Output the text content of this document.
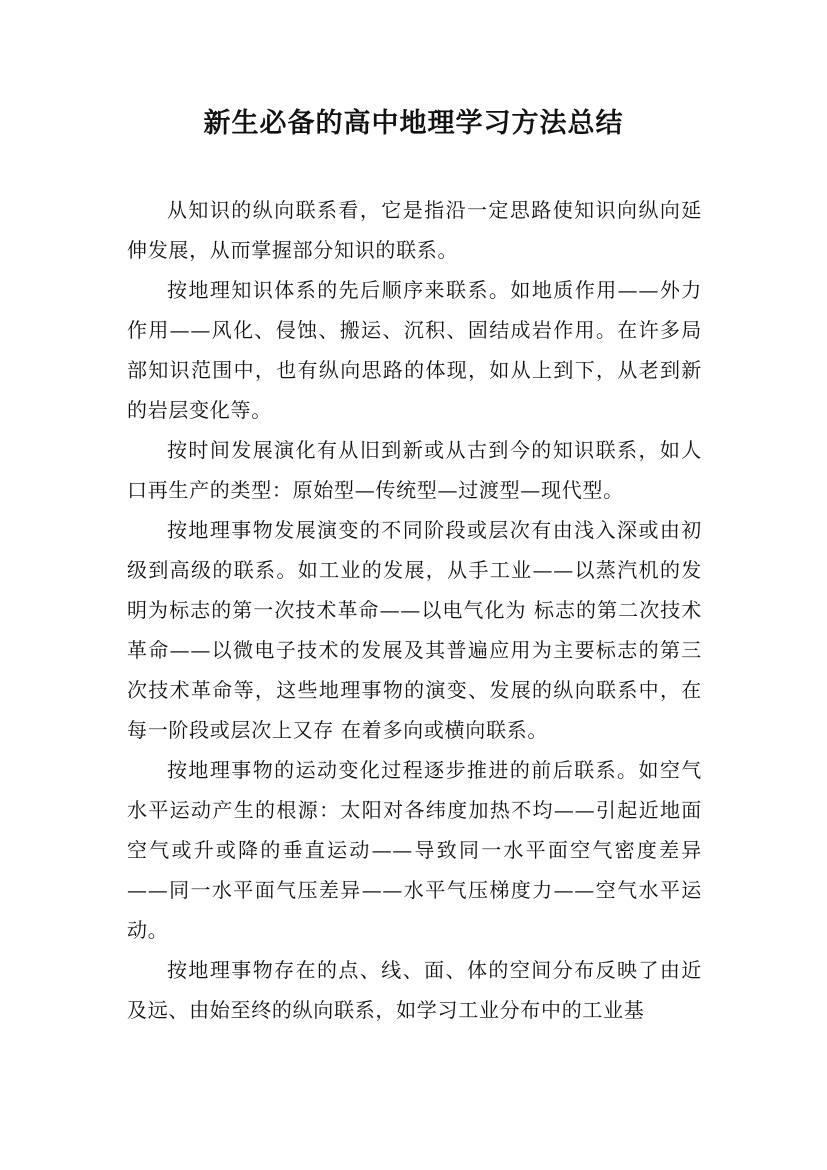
新生必备的高中地理学习方法总结

从知识的纵向联系看，它是指沿一定思路使知识向纵向延伸发展，从而掌握部分知识的联系。

按地理知识体系的先后顺序来联系。如地质作用——外力作用——风化、侵蚀、搬运、沉积、固结成岩作用。在许多局部知识范围中，也有纵向思路的体现，如从上到下，从老到新的岩层变化等。

按时间发展演化有从旧到新或从古到今的知识联系，如人口再生产的类型：原始型—传统型—过渡型—现代型。

按地理事物发展演变的不同阶段或层次有由浅入深或由初级到高级的联系。如工业的发展，从手工业——以蒸汽机的发明为标志的第一次技术革命——以电气化为 标志的第二次技术革命——以微电子技术的发展及其普遍应用为主要标志的第三次技术革命等，这些地理事物的演变、发展的纵向联系中，在每一阶段或层次上又存 在着多向或横向联系。

按地理事物的运动变化过程逐步推进的前后联系。如空气水平运动产生的根源：太阳对各纬度加热不均——引起近地面空气或升或降的垂直运动——导致同一水平面空气密度差异——同一水平面气压差异——水平气压梯度力——空气水平运动。

按地理事物存在的点、线、面、体的空间分布反映了由近及远、由始至终的纵向联系，如学习工业分布中的工业基
